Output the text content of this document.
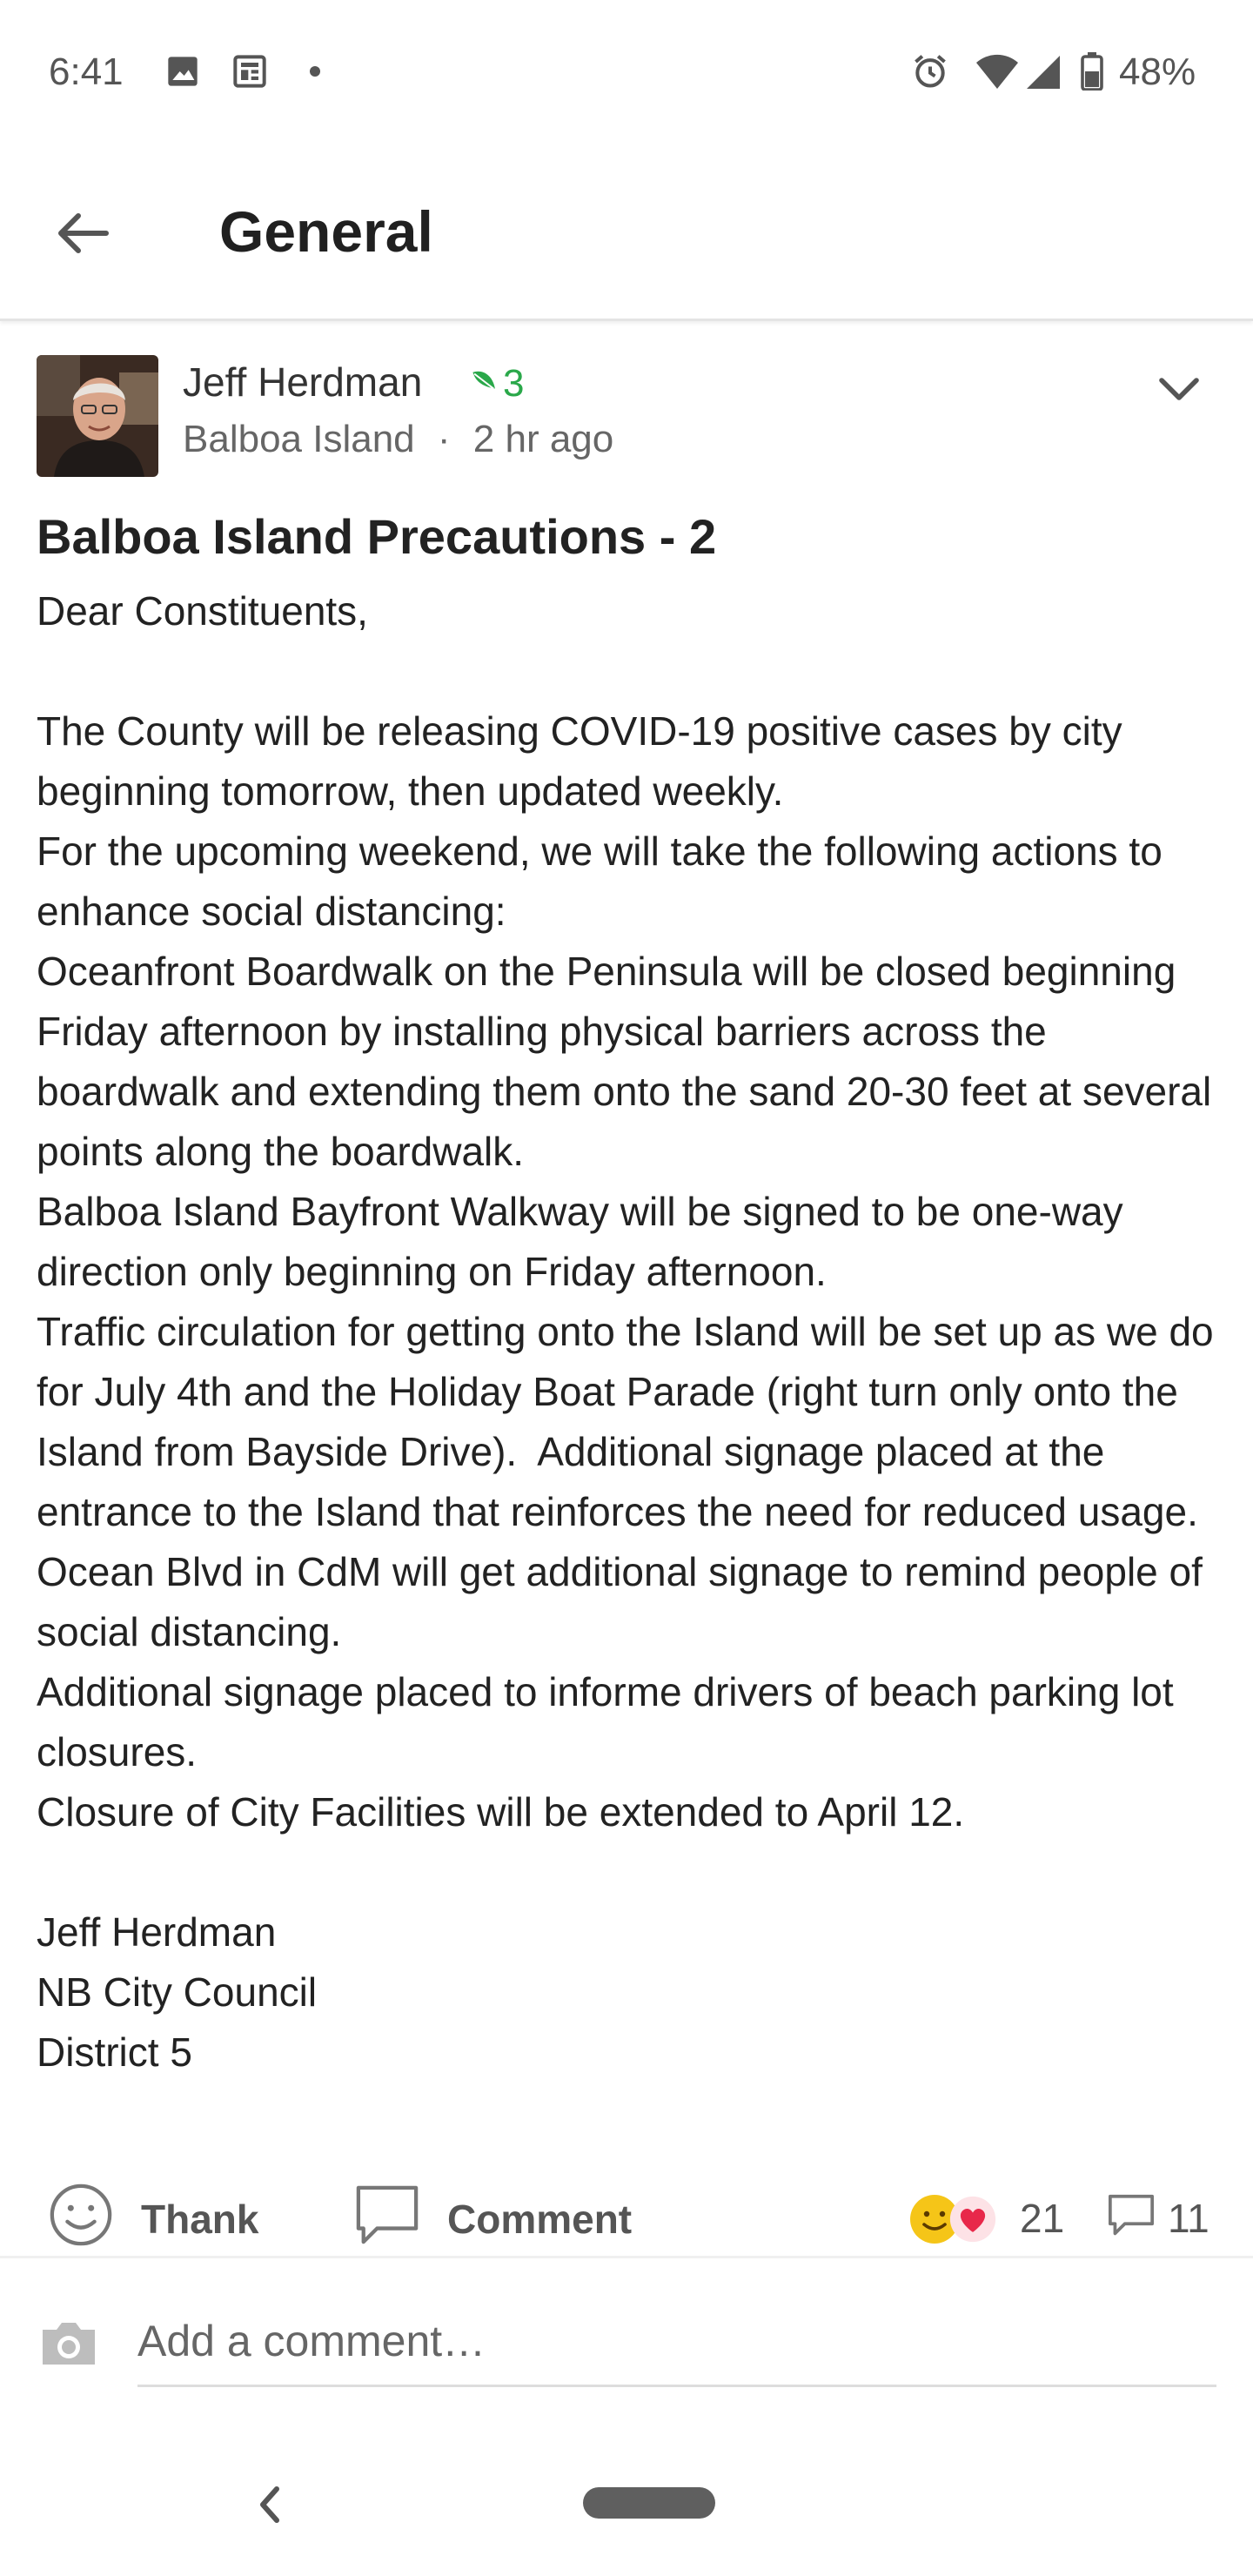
6:41	48%
General
Jeff Herdman 3
Balboa Island · 2 hr ago
Balboa Island Precautions - 2
Dear Constituents,

The County will be releasing COVID-19 positive cases by city beginning tomorrow, then updated weekly.
For the upcoming weekend, we will take the following actions to enhance social distancing:
Oceanfront Boardwalk on the Peninsula will be closed beginning Friday afternoon by installing physical barriers across the boardwalk and extending them onto the sand 20-30 feet at several points along the boardwalk.
Balboa Island Bayfront Walkway will be signed to be one-way direction only beginning on Friday afternoon.
Traffic circulation for getting onto the Island will be set up as we do for July 4th and the Holiday Boat Parade (right turn only onto the Island from Bayside Drive).  Additional signage placed at the entrance to the Island that reinforces the need for reduced usage.
Ocean Blvd in CdM will get additional signage to remind people of social distancing.
Additional signage placed to informe drivers of beach parking lot closures.
Closure of City Facilities will be extended to April 12.

Jeff Herdman
NB City Council
District 5
Thank	Comment	21	11
Add a comment…
